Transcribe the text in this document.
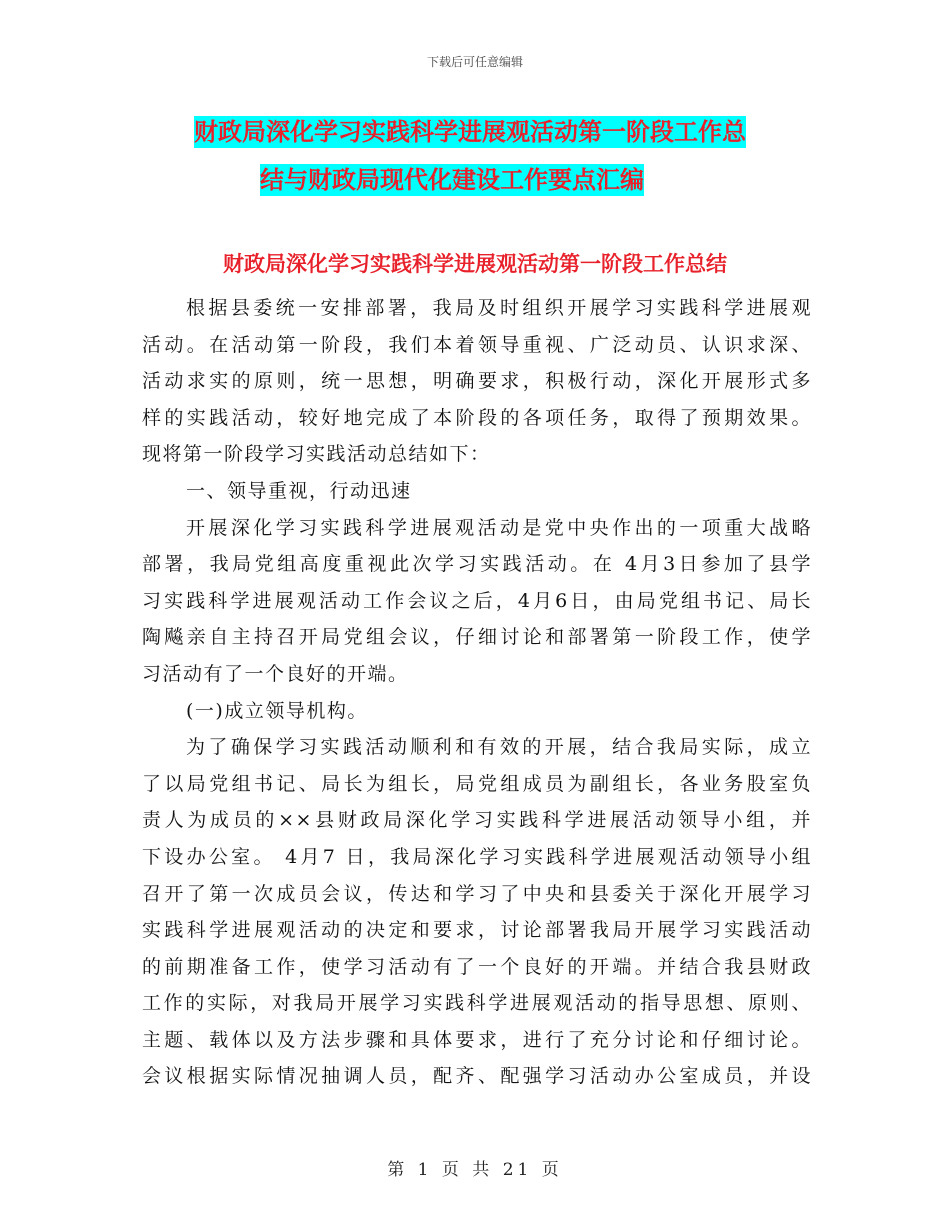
下载后可任意编辑
财政局深化学习实践科学进展观活动第一阶段工作总
结与财政局现代化建设工作要点汇编
财政局深化学习实践科学进展观活动第一阶段工作总结
根据县委统一安排部署，我局及时组织开展学习实践科学进展观
活动。在活动第一阶段，我们本着领导重视、广泛动员、认识求深、
活动求实的原则，统一思想，明确要求，积极行动，深化开展形式多
样的实践活动，较好地完成了本阶段的各项任务，取得了预期效果。
现将第一阶段学习实践活动总结如下：
一、领导重视，行动迅速
开展深化学习实践科学进展观活动是党中央作出的一项重大战略
部署，我局党组高度重视此次学习实践活动。在 4月3日参加了县学
习实践科学进展观活动工作会议之后，4月6日，由局党组书记、局长
陶飚亲自主持召开局党组会议，仔细讨论和部署第一阶段工作，使学
习活动有了一个良好的开端。
(一)成立领导机构。
为了确保学习实践活动顺利和有效的开展，结合我局实际，成立
了以局党组书记、局长为组长，局党组成员为副组长，各业务股室负
责人为成员的××县财政局深化学习实践科学进展活动领导小组，并
下设办公室。 4月7 日，我局深化学习实践科学进展观活动领导小组
召开了第一次成员会议，传达和学习了中央和县委关于深化开展学习
实践科学进展观活动的决定和要求，讨论部署我局开展学习实践活动
的前期准备工作，使学习活动有了一个良好的开端。并结合我县财政
工作的实际，对我局开展学习实践科学进展观活动的指导思想、原则、
主题、载体以及方法步骤和具体要求，进行了充分讨论和仔细讨论。
会议根据实际情况抽调人员，配齐、配强学习活动办公室成员，并设
第 1 页 共 21 页
